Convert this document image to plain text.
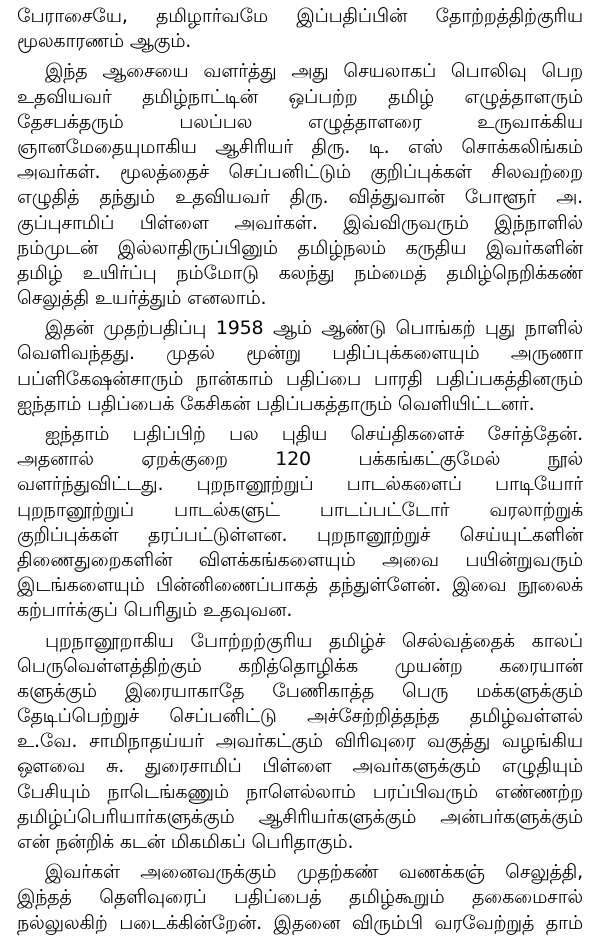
பேராசையே, தமிழார்வமே இப்பதிப்பின் தோற்றத்திற்குரிய
மூலகாரணம் ஆகும்.
இந்த ஆசையை வளர்த்து அது செயலாகப் பொலிவு பெற
உதவியவர் தமிழ்நாட்டின் ஒப்பற்ற தமிழ் எழுத்தாளரும்
தேசபக்தரும் பலப்பல எழுத்தாளரை உருவாக்கிய
ஞானமேதையுமாகிய ஆசிரியர் திரு. டி. எஸ் சொக்கலிங்கம்
அவர்கள். மூலத்தைச் செப்பனிட்டும் குறிப்புக்கள் சிலவற்றை
எழுதித் தந்தும் உதவியவர் திரு. வித்துவான் போளூர் அ.
குப்புசாமிப் பிள்ளை அவர்கள். இவ்விருவரும் இந்நாளில்
நம்முடன் இல்லாதிருப்பினும் தமிழ்நலம் கருதிய இவர்களின்
தமிழ் உயிர்ப்பு நம்மோடு கலந்து நம்மைத் தமிழ்நெறிக்கண்
செலுத்தி உயர்த்தும் எனலாம்.
இதன் முதற்பதிப்பு 1958 ஆம் ஆண்டு பொங்கற் புது நாளில்
வெளிவந்தது. முதல் மூன்று பதிப்புக்களையும் அருணா
பப்ளிகேஷன்சாரும் நான்காம் பதிப்பை பாரதி பதிப்பகத்தினரும்
ஐந்தாம் பதிப்பைக் கேசிகன் பதிப்பகத்தாரும் வெளியிட்டனர்.
ஐந்தாம் பதிப்பிற் பல புதிய செய்திகளைச் சேர்த்தேன்.
அதனால் ஏறக்குறை 120 பக்கங்கட்குமேல் நூல்
வளர்ந்துவிட்டது. புறநானூற்றுப் பாடல்களைப் பாடியோர்
புறநானூற்றுப் பாடல்களுட் பாடப்பட்டோர் வரலாற்றுக்
குறிப்புக்கள் தரப்பட்டுள்ளன. புறநானூற்றுச் செய்யுட்களின்
திணைதுறைகளின் விளக்கங்களையும் அவை பயின்றுவரும்
இடங்களையும் பின்னிணைப்பாகத் தந்துள்ளேன். இவை நூலைக்
கற்பார்க்குப் பெரிதும் உதவுவன.
புறநானூறாகிய போற்றற்குரிய தமிழ்ச் செல்வத்தைக் காலப்
பெருவெள்ளத்திற்கும் கறித்தொழிக்க முயன்ற கரையான்
களுக்கும் இரையாகாதே பேணிகாத்த பெரு மக்களுக்கும்
தேடிப்பெற்றுச் செப்பனிட்டு அச்சேற்றித்தந்த தமிழ்வள்ளல்
உ.வே. சாமிநாதய்யர் அவர்கட்கும் விரிவுரை வகுத்து வழங்கிய
ஔவை சு. துரைசாமிப் பிள்ளை அவர்களுக்கும் எழுதியும்
பேசியும் நாடெங்கணும் நாளெல்லாம் பரப்பிவரும் எண்ணற்ற
தமிழ்ப்பெரியார்களுக்கும் ஆசிரியர்களுக்கும் அன்பர்களுக்கும்
என் நன்றிக் கடன் மிகமிகப் பெரிதாகும்.
இவர்கள் அனைவருக்கும் முதற்கண் வணக்கஞ் செலுத்தி,
இந்தத் தெளிவுரைப் பதிப்பைத் தமிழ்கூறும் தகைமைசால்
நல்லுலகிற் படைக்கின்றேன். இதனை விரும்பி வரவேற்றுத் தாம்
